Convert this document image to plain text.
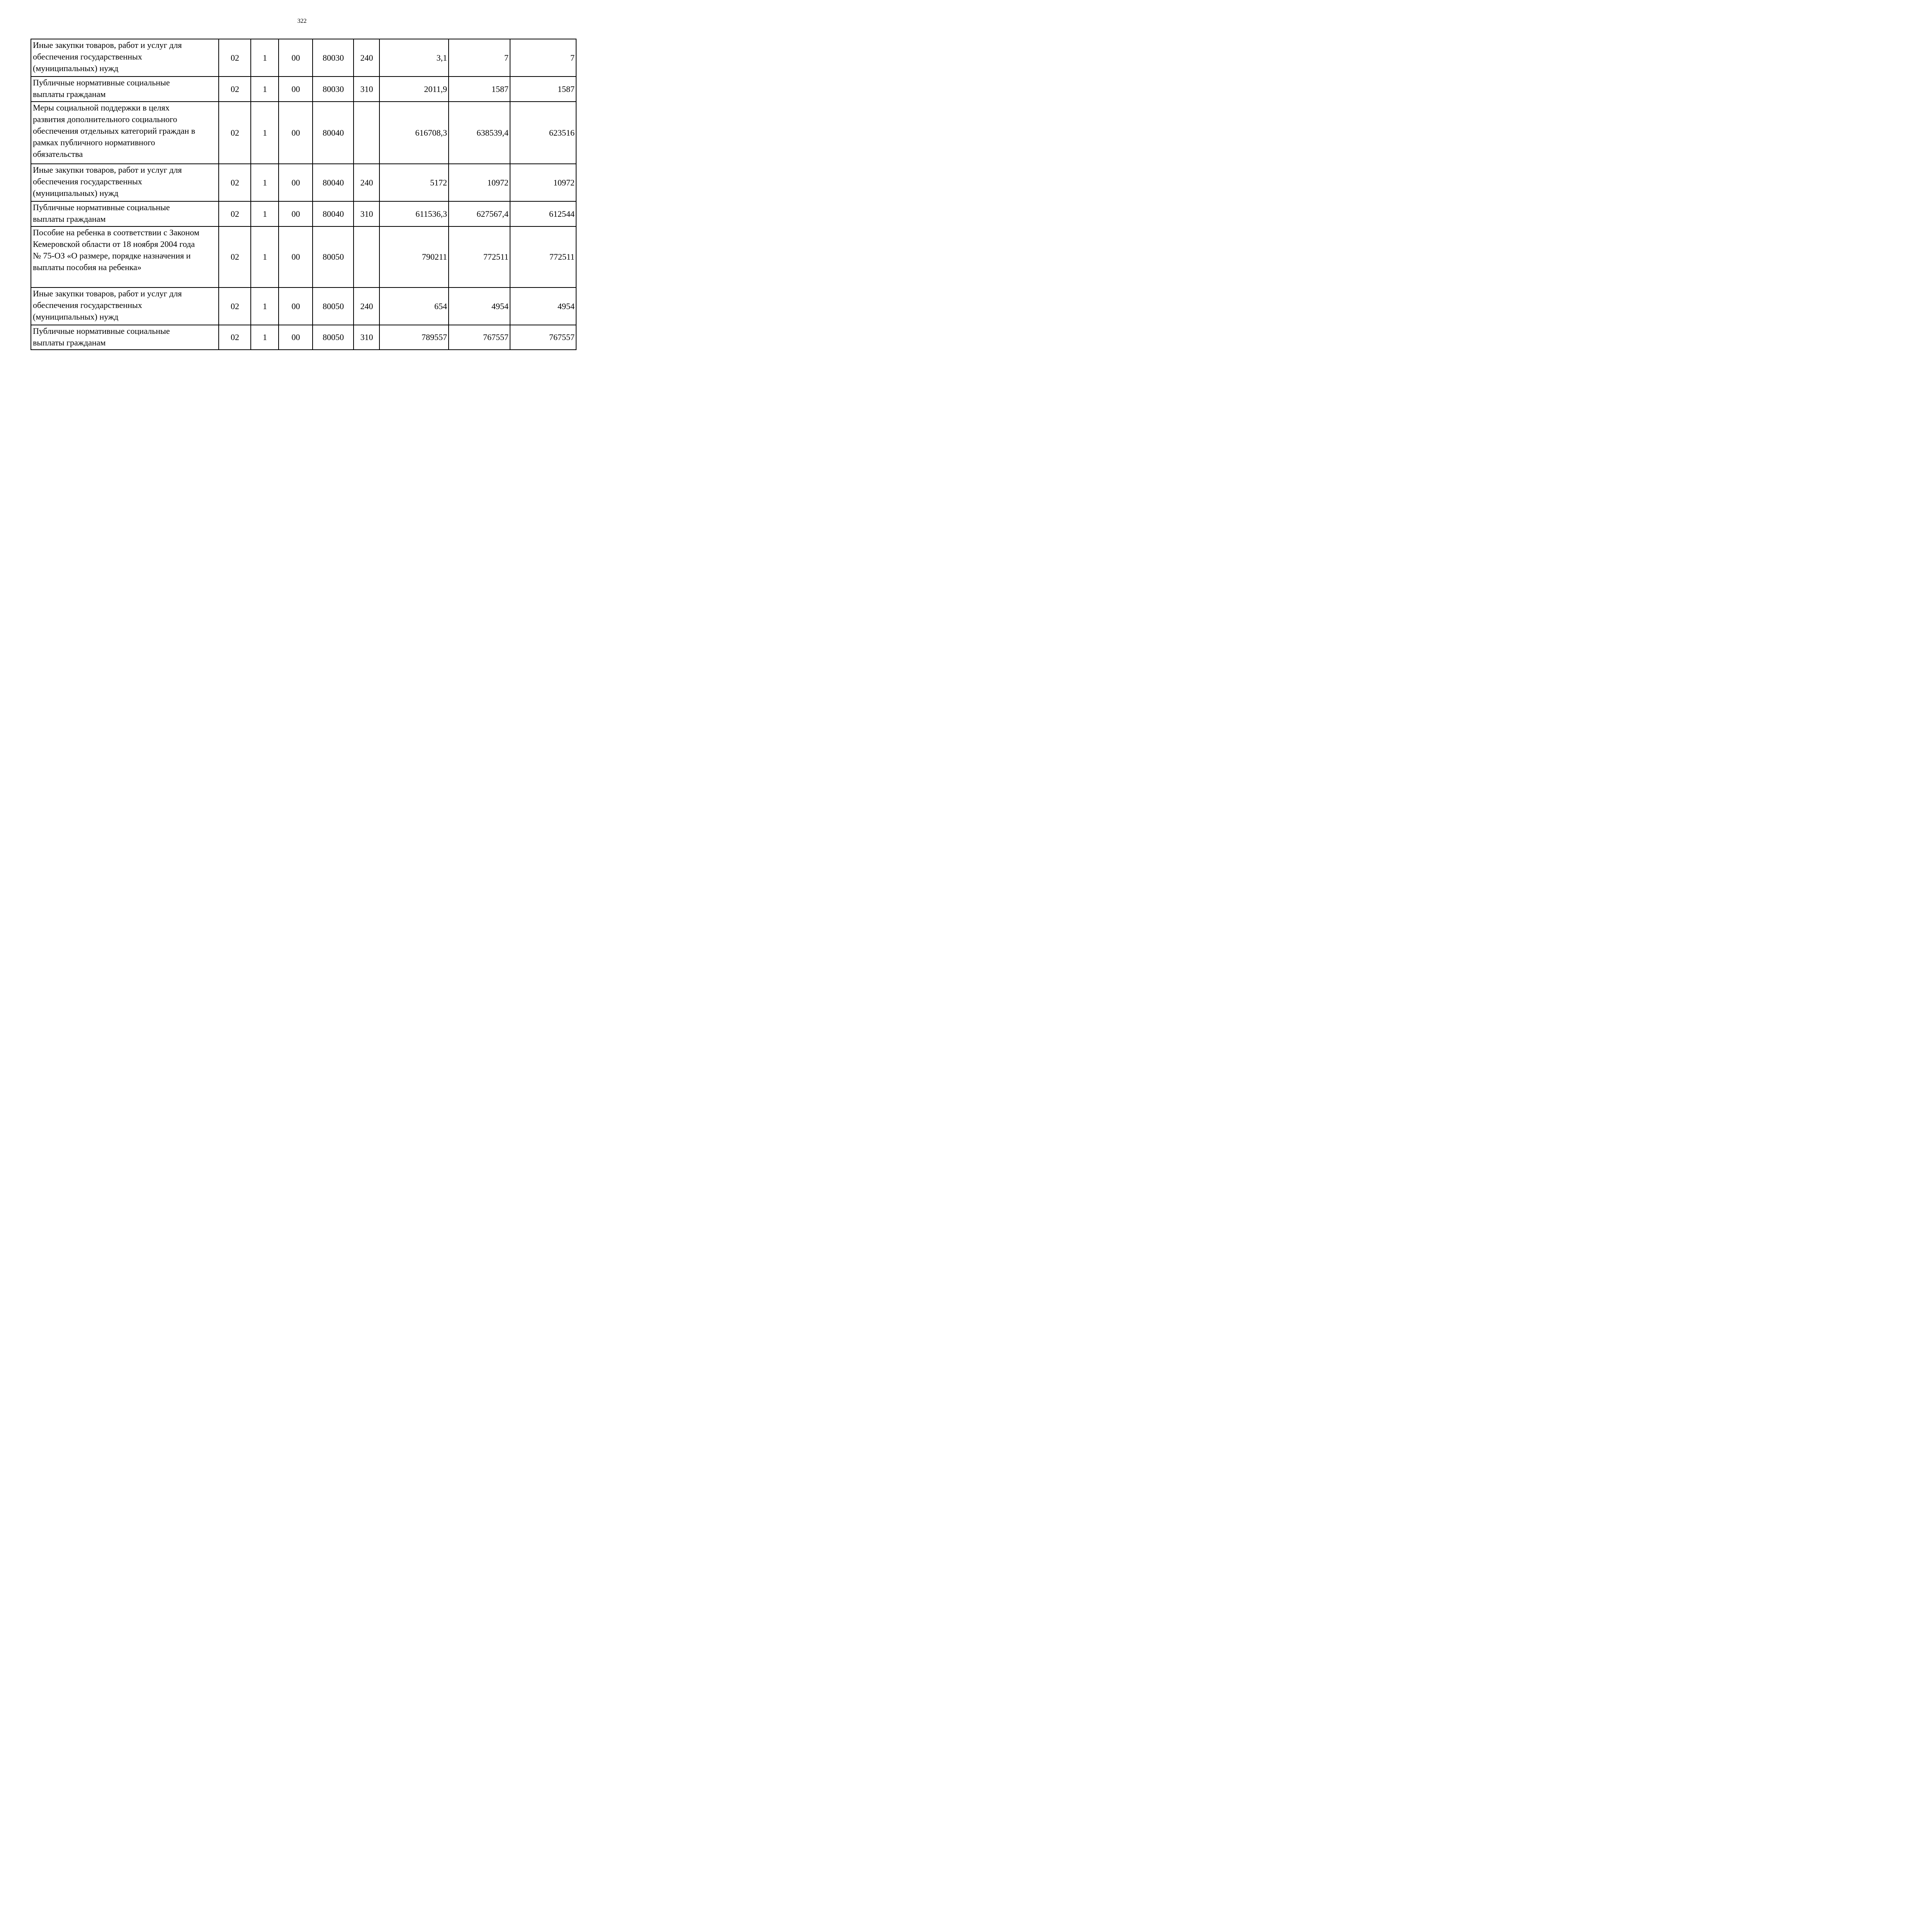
322
Иные закупки товаров, работ и услуг для
обеспечения государственных
(муниципальных) нужд	02	1	00	80030	240	3,1	7	7

Публичные нормативные социальные
выплаты гражданам	02	1	00	80030	310	2011,9	1587	1587

Меры социальной поддержки в целях
развития дополнительного социального
обеспечения отдельных категорий граждан в
рамках публичного нормативного
обязательства	02	1	00	80040		616708,3	638539,4	623516

Иные закупки товаров, работ и услуг для
обеспечения государственных
(муниципальных) нужд	02	1	00	80040	240	5172	10972	10972

Публичные нормативные социальные
выплаты гражданам	02	1	00	80040	310	611536,3	627567,4	612544

Пособие на ребенка в соответствии с Законом
Кемеровской области от 18 ноября 2004 года
№ 75-ОЗ «О размере, порядке назначения и
выплаты пособия на ребенка»	02	1	00	80050		790211	772511	772511

Иные закупки товаров, работ и услуг для
обеспечения государственных
(муниципальных) нужд	02	1	00	80050	240	654	4954	4954

Публичные нормативные социальные
выплаты гражданам	02	1	00	80050	310	789557	767557	767557
